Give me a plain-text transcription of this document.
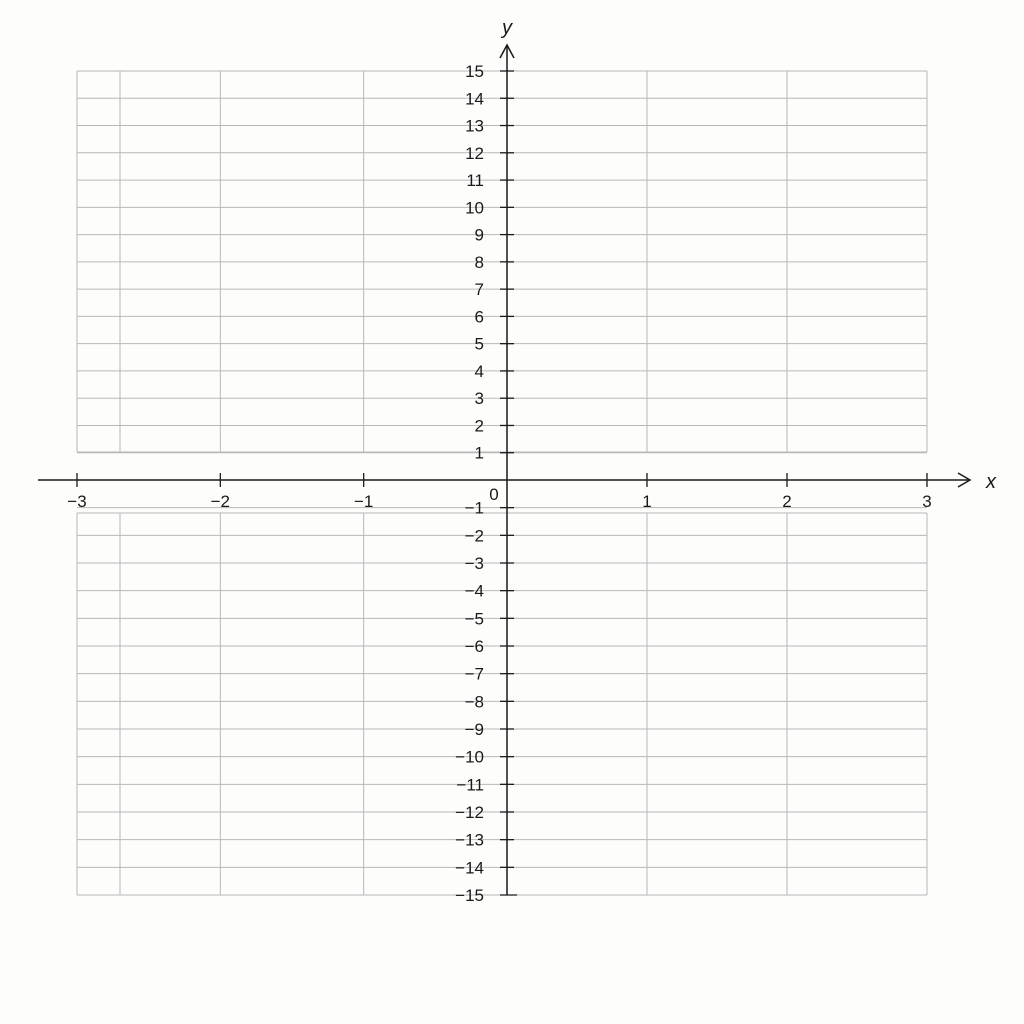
−3	−2	−1	1	2	3
15
14
13
12
11
10
9
8
7
6
5
4
3
2
1
−1
−2
−3
−4
−5
−6
−7
−8
−9
−10
−11
−12
−13
−14
−15
x
y
0
